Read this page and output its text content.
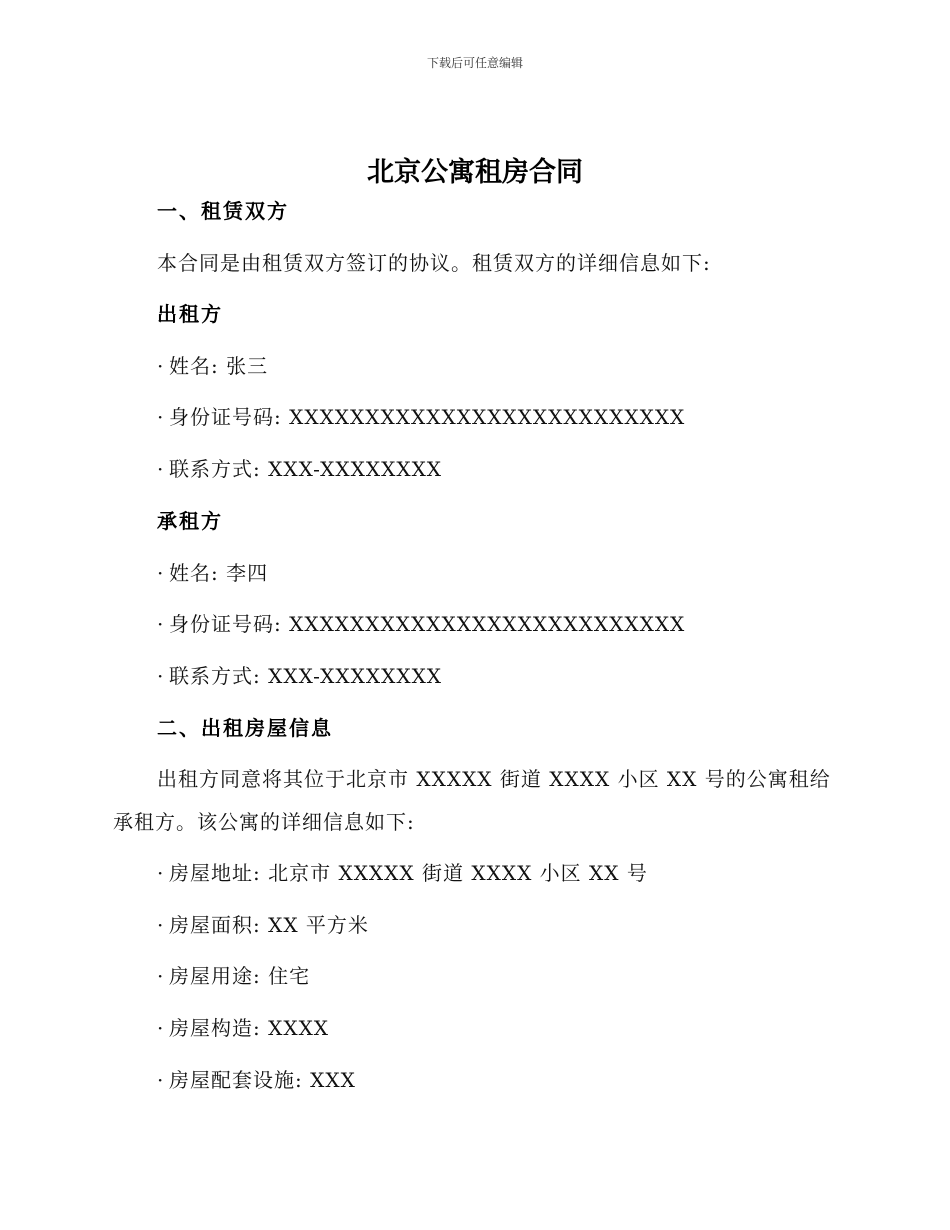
下载后可任意编辑
北京公寓租房合同
一、租赁双方
本合同是由租赁双方签订的协议。租赁双方的详细信息如下:
出租方
· 姓名: 张三
· 身份证号码: XXXXXXXXXXXXXXXXXXXXXXXXXX
· 联系方式: XXX-XXXXXXXX
承租方
· 姓名: 李四
· 身份证号码: XXXXXXXXXXXXXXXXXXXXXXXXXX
· 联系方式: XXX-XXXXXXXX
二、出租房屋信息
出租方同意将其位于北京市 XXXXX 街道 XXXX 小区 XX 号的公寓租给
承租方。该公寓的详细信息如下:
· 房屋地址: 北京市 XXXXX 街道 XXXX 小区 XX 号
· 房屋面积: XX 平方米
· 房屋用途: 住宅
· 房屋构造: XXXX
· 房屋配套设施: XXX
